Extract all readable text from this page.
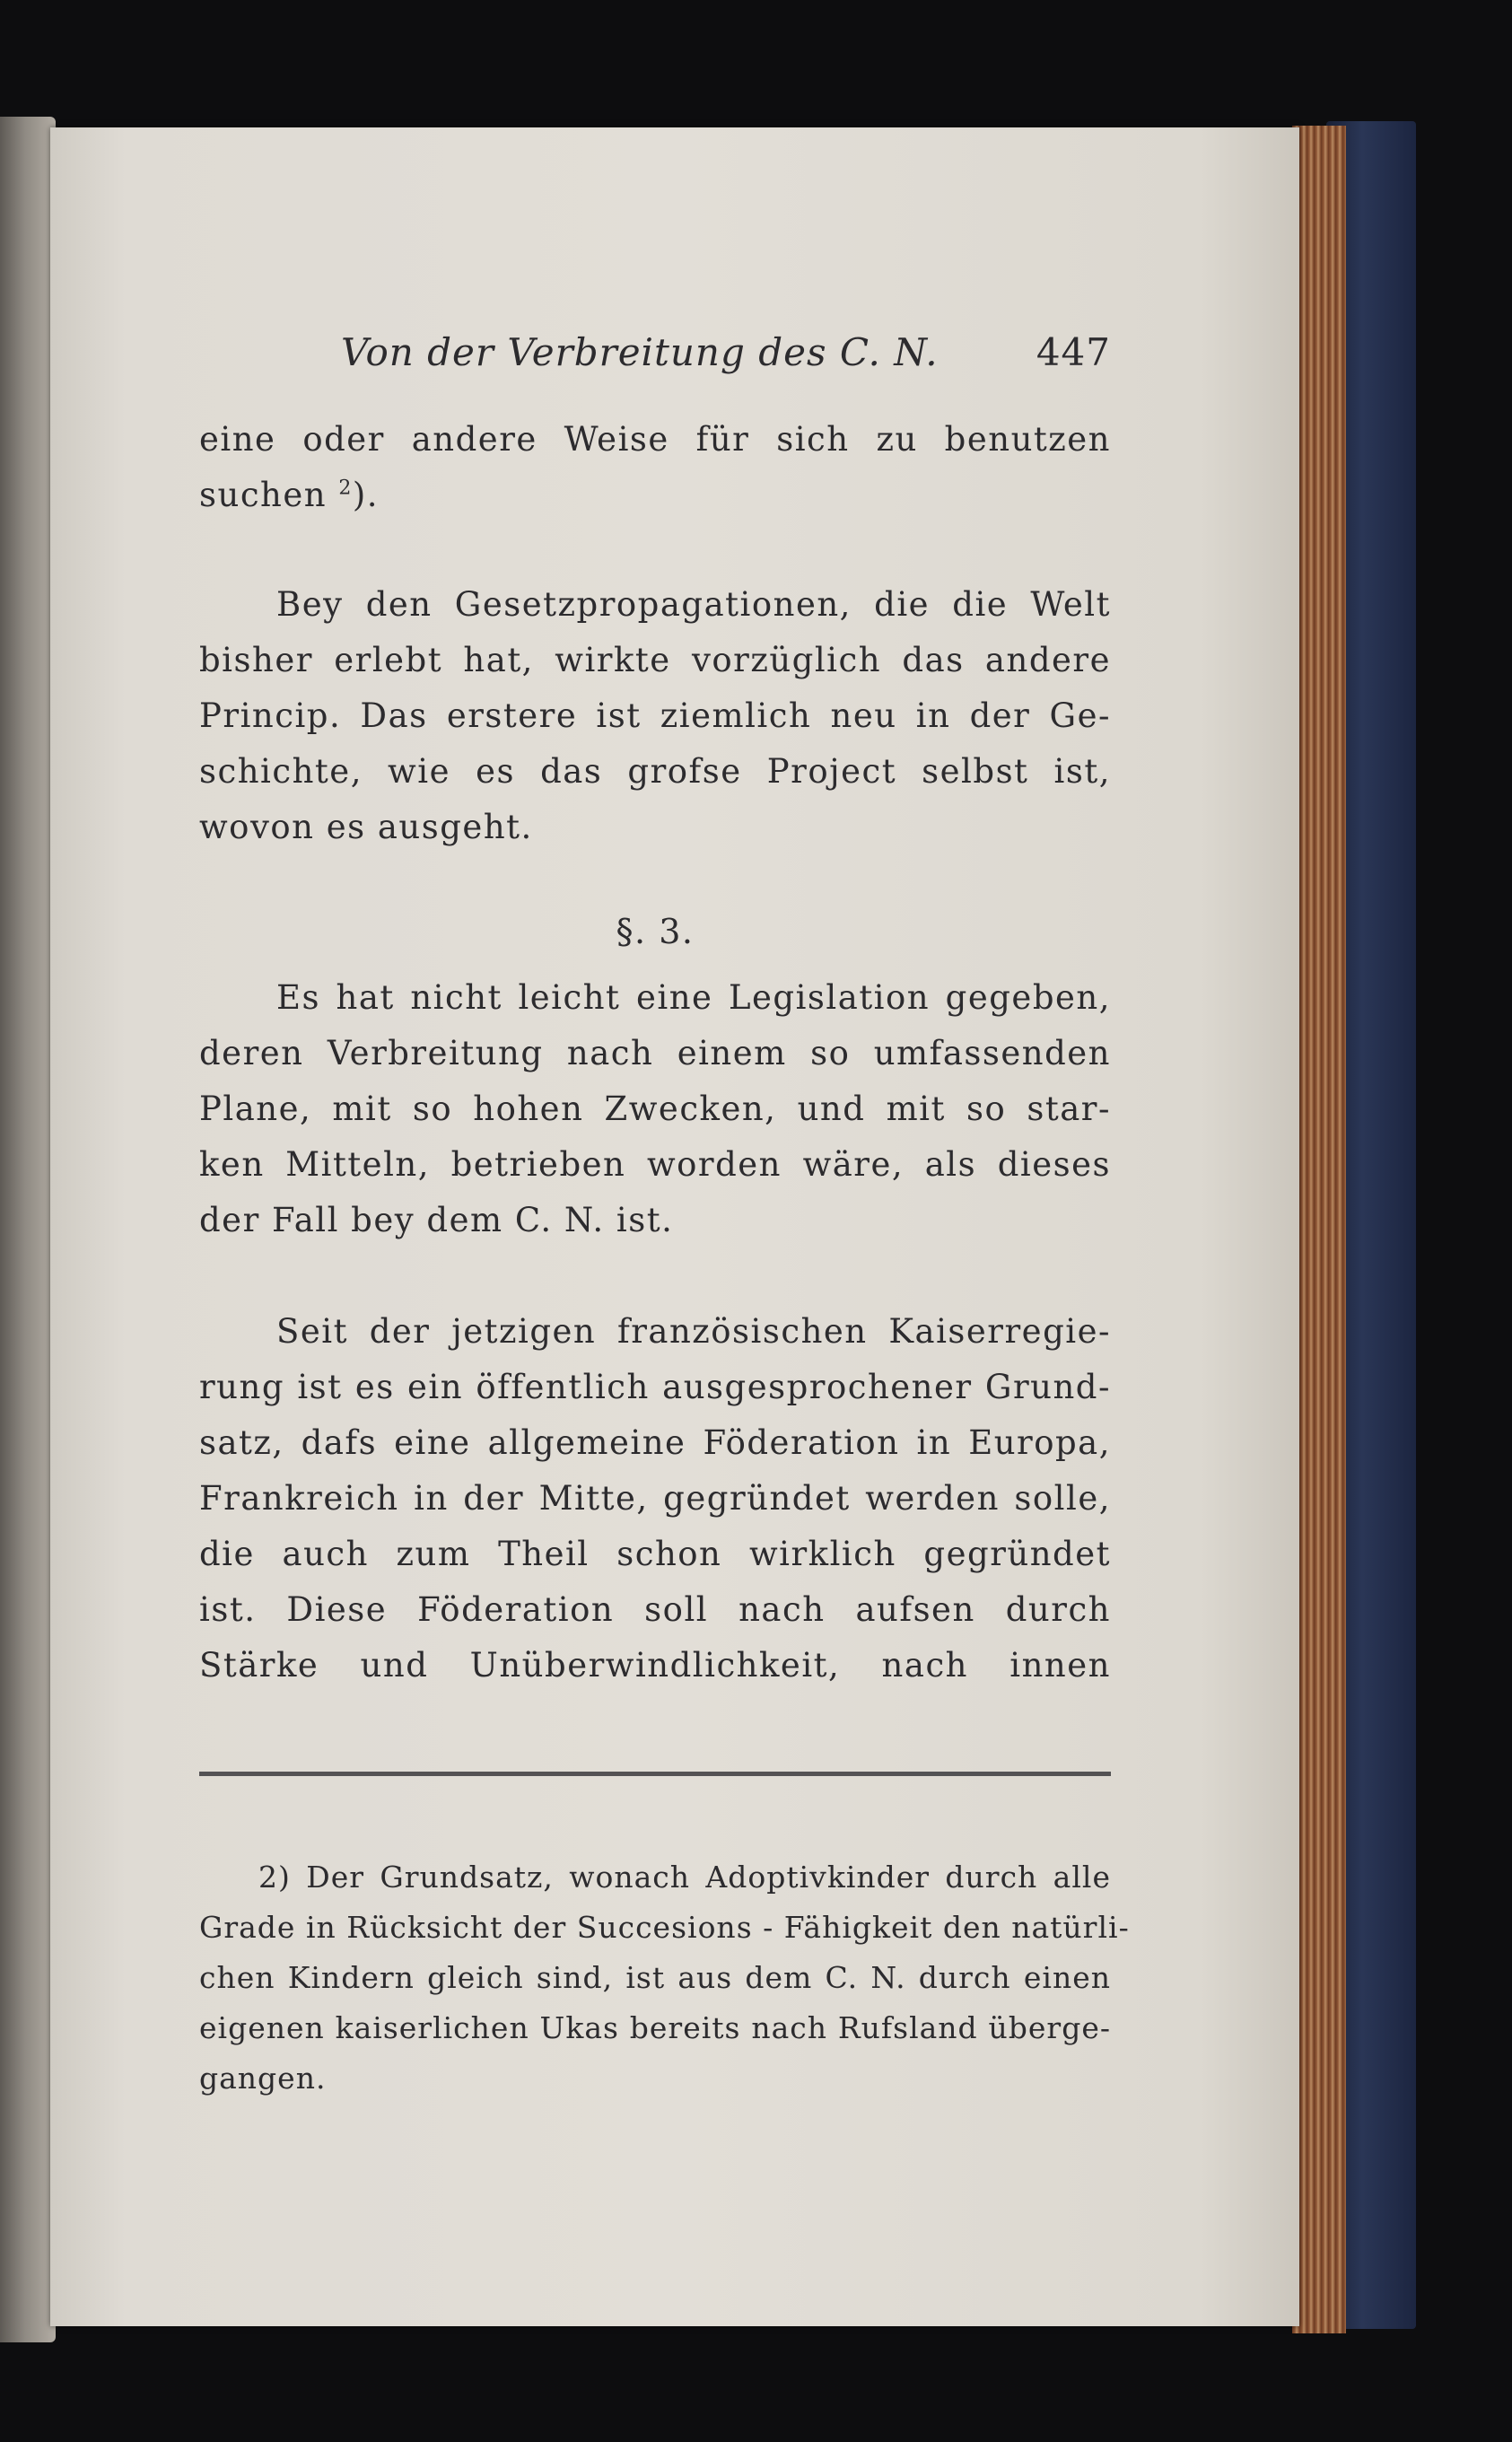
Von der Verbreitung des C. N.	447
eine oder andere Weise für sich zu benutzen
suchen $^2$).
Bey den Gesetzpropagationen, die die Welt
bisher erlebt hat, wirkte vorzüglich das andere
Princip. Das erstere ist ziemlich neu in der Ge-
schichte, wie es das grofse Project selbst ist,
wovon es ausgeht.
§. 3.
Es hat nicht leicht eine Legislation gegeben,
deren Verbreitung nach einem so umfassenden
Plane, mit so hohen Zwecken, und mit so star-
ken Mitteln, betrieben worden wäre, als dieses
der Fall bey dem C. N. ist.
Seit der jetzigen französischen Kaiserregie-
rung ist es ein öffentlich ausgesprochener Grund-
satz, dafs eine allgemeine Föderation in Europa,
Frankreich in der Mitte, gegründet werden solle,
die auch zum Theil schon wirklich gegründet
ist. Diese Föderation soll nach aufsen durch
Stärke und Unüberwindlichkeit, nach innen
2) Der Grundsatz, wonach Adoptivkinder durch alle
Grade in Rücksicht der Succesions - Fähigkeit den natürli-
chen Kindern gleich sind, ist aus dem C. N. durch einen
eigenen kaiserlichen Ukas bereits nach Rufsland überge-
gangen.
